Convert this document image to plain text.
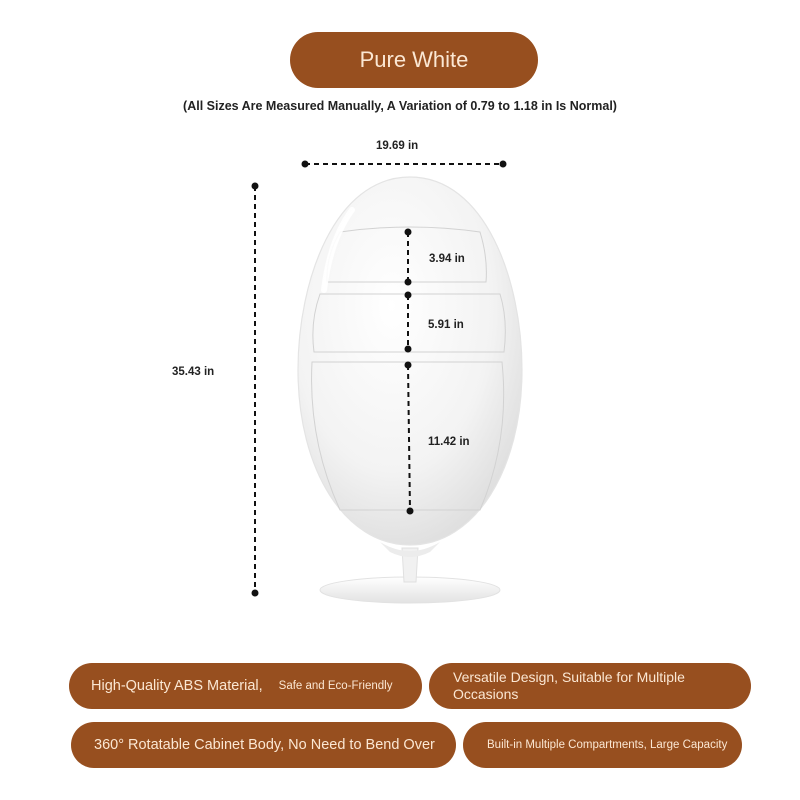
Pure White
(All Sizes Are Measured Manually, A Variation of 0.79 to 1.18 in Is Normal)
19.69 in
35.43 in
3.94 in
5.91 in
11.42 in
High-Quality ABS Material, Safe and Eco-Friendly
Versatile Design, Suitable for Multiple Occasions
360° Rotatable Cabinet Body, No Need to Bend Over	Built-in Multiple Compartments, Large Capacity
